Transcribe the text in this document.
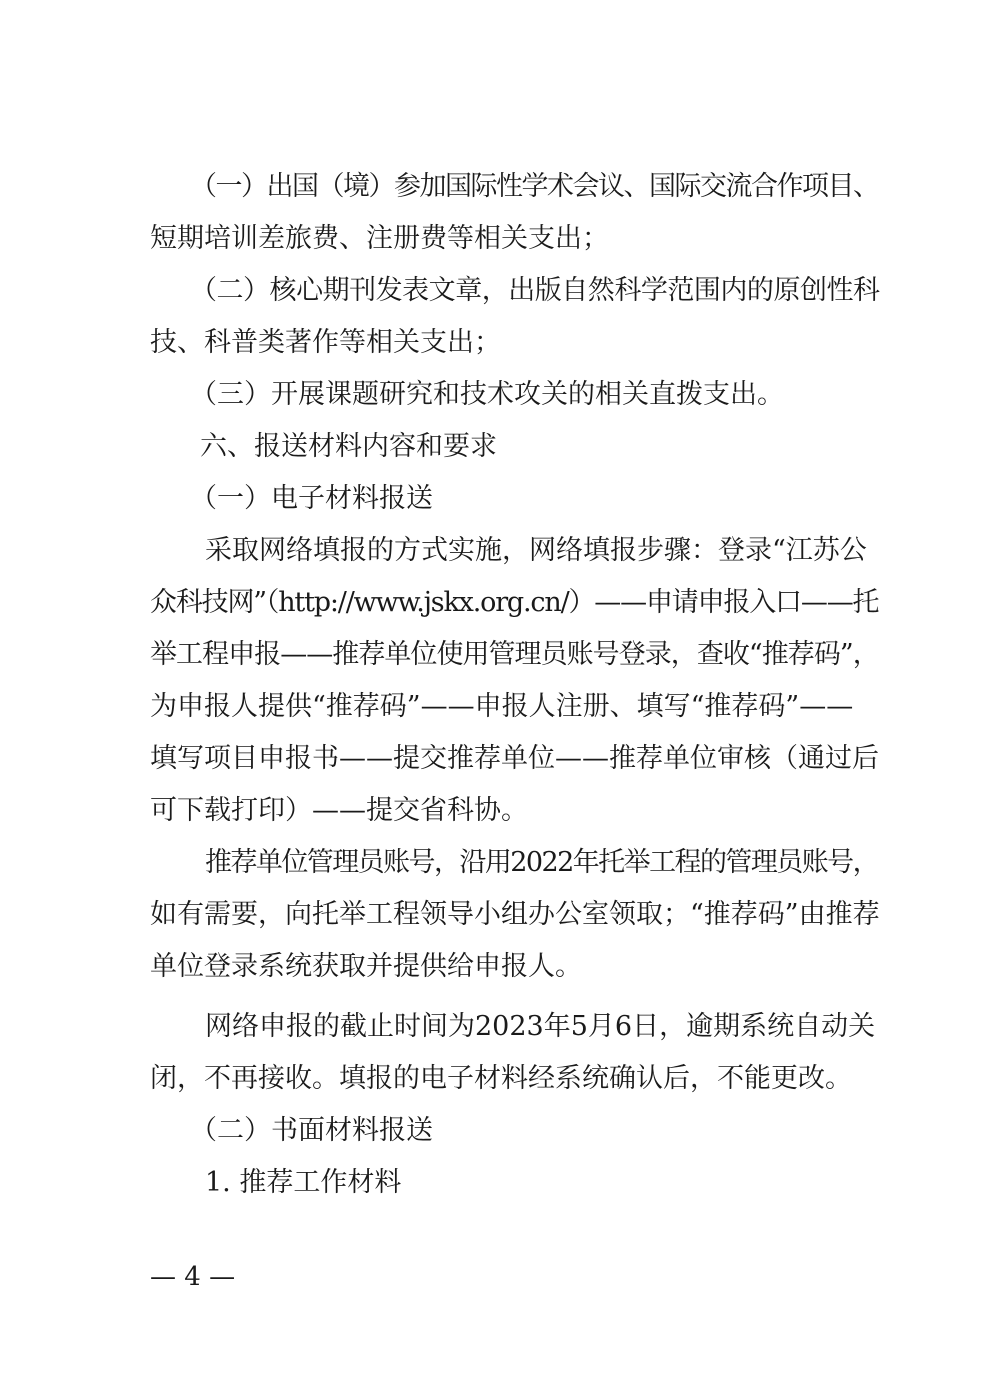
（一）出国（境）参加国际性学术会议、国际交流合作项目、
短期培训差旅费、注册费等相关支出；
（二）核心期刊发表文章，出版自然科学范围内的原创性科
技、科普类著作等相关支出；
（三）开展课题研究和技术攻关的相关直拨支出。
六、报送材料内容和要求
（一）电子材料报送
采取网络填报的方式实施，网络填报步骤：登录“江苏公
众科技网”（http://www.jskx.org.cn/）——申请申报入口——托
举工程申报——推荐单位使用管理员账号登录，查收“推荐码”，
为申报人提供“推荐码”——申报人注册、填写“推荐码”——
填写项目申报书——提交推荐单位——推荐单位审核（通过后
可下载打印）——提交省科协。
推荐单位管理员账号，沿用2022年托举工程的管理员账号，
如有需要，向托举工程领导小组办公室领取；“推荐码”由推荐
单位登录系统获取并提供给申报人。
网络申报的截止时间为2023年5月6日，逾期系统自动关
闭，不再接收。填报的电子材料经系统确认后，不能更改。
（二）书面材料报送
1. 推荐工作材料
— 4 —
